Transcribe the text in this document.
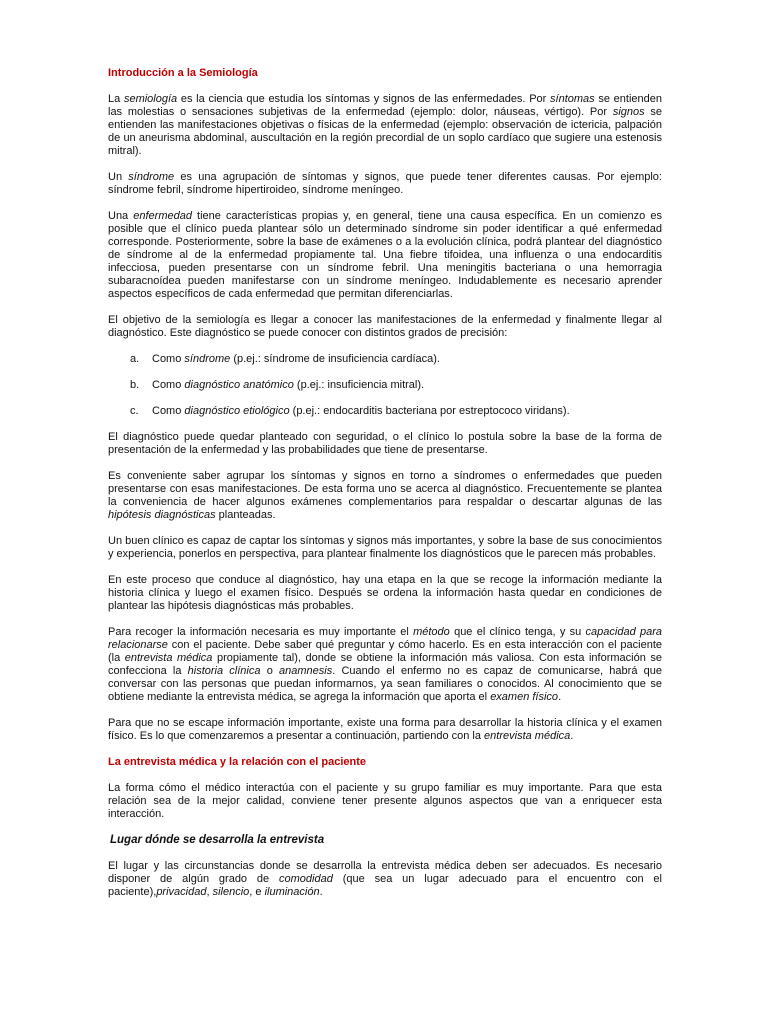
Introducción a la Semiología

La semiología es la ciencia que estudia los síntomas y signos de las enfermedades. Por síntomas se entienden las molestias o sensaciones subjetivas de la enfermedad (ejemplo: dolor, náuseas, vértigo). Por signos se entienden las manifestaciones objetivas o físicas de la enfermedad (ejemplo: observación de ictericia, palpación de un aneurisma abdominal, auscultación en la región precordial de un soplo cardíaco que sugiere una estenosis mitral).

Un síndrome es una agrupación de síntomas y signos, que puede tener diferentes causas. Por ejemplo: síndrome febril, síndrome hipertiroideo, síndrome meníngeo.

Una enfermedad tiene características propias y, en general, tiene una causa específica. En un comienzo es posible que el clínico pueda plantear sólo un determinado síndrome sin poder identificar a qué enfermedad corresponde. Posteriormente, sobre la base de exámenes o a la evolución clínica, podrá plantear del diagnóstico de síndrome al de la enfermedad propiamente tal. Una fiebre tifoidea, una influenza o una endocarditis infecciosa, pueden presentarse con un síndrome febril. Una meningitis bacteriana o una hemorragia subaracnoídea pueden manifestarse con un síndrome meníngeo. Indudablemente es necesario aprender aspectos específicos de cada enfermedad que permitan diferenciarlas.

El objetivo de la semiología es llegar a conocer las manifestaciones de la enfermedad y finalmente llegar al diagnóstico. Este diagnóstico se puede conocer con distintos grados de precisión:

a.	Como síndrome (p.ej.: síndrome de insuficiencia cardíaca).
b.	Como diagnóstico anatómico (p.ej.: insuficiencia mitral).
c.	Como diagnóstico etiológico (p.ej.: endocarditis bacteriana por estreptococo viridans).

El diagnóstico puede quedar planteado con seguridad, o el clínico lo postula sobre la base de la forma de presentación de la enfermedad y las probabilidades que tiene de presentarse.

Es conveniente saber agrupar los síntomas y signos en torno a síndromes o enfermedades que pueden presentarse con esas manifestaciones. De esta forma uno se acerca al diagnóstico. Frecuentemente se plantea la conveniencia de hacer algunos exámenes complementarios para respaldar o descartar algunas de las hipótesis diagnósticas planteadas.

Un buen clínico es capaz de captar los síntomas y signos más importantes, y sobre la base de sus conocimientos y experiencia, ponerlos en perspectiva, para plantear finalmente los diagnósticos que le parecen más probables.

En este proceso que conduce al diagnóstico, hay una etapa en la que se recoge la información mediante la historia clínica y luego el examen físico. Después se ordena la información hasta quedar en condiciones de plantear las hipótesis diagnósticas más probables.

Para recoger la información necesaria es muy importante el método que el clínico tenga, y su capacidad para relacionarse con el paciente. Debe saber qué preguntar y cómo hacerlo. Es en esta interacción con el paciente (la entrevista médica propiamente tal), donde se obtiene la información más valiosa. Con esta información se confecciona la historia clínica o anamnesis. Cuando el enfermo no es capaz de comunicarse, habrá que conversar con las personas que puedan informarnos, ya sean familiares o conocidos. Al conocimiento que se obtiene mediante la entrevista médica, se agrega la información que aporta el examen físico.

Para que no se escape información importante, existe una forma para desarrollar la historia clínica y el examen físico. Es lo que comenzaremos a presentar a continuación, partiendo con la entrevista médica.

La entrevista médica y la relación con el paciente

La forma cómo el médico interactúa con el paciente y su grupo familiar es muy importante. Para que esta relación sea de la mejor calidad, conviene tener presente algunos aspectos que van a enriquecer esta interacción.

Lugar dónde se desarrolla la entrevista

El lugar y las circunstancias donde se desarrolla la entrevista médica deben ser adecuados. Es necesario disponer de algún grado de comodidad (que sea un lugar adecuado para el encuentro con el paciente),privacidad, silencio, e iluminación.
